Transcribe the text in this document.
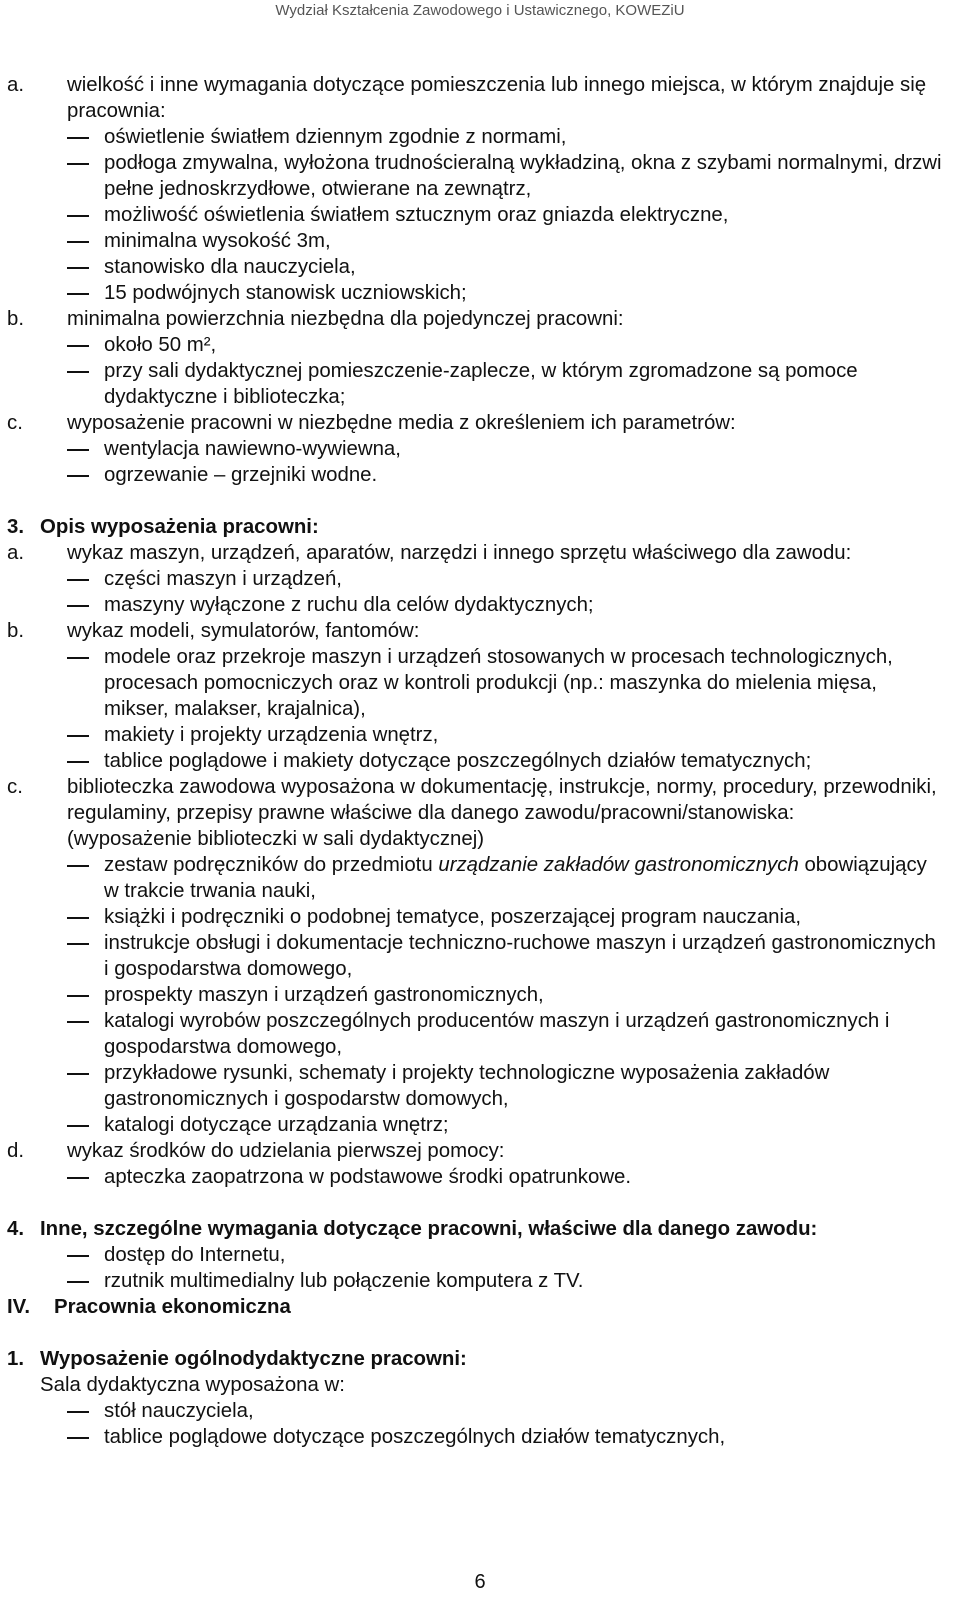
Wydział Kształcenia Zawodowego i Ustawicznego, KOWEZiU
a. wielkość i inne wymagania dotyczące pomieszczenia lub innego miejsca, w którym znajduje się pracownia:
oświetlenie światłem dziennym zgodnie z normami,
podłoga zmywalna, wyłożona trudnościeralną wykładziną, okna z szybami normalnymi, drzwi pełne jednoskrzydłowe, otwierane na zewnątrz,
możliwość oświetlenia światłem sztucznym oraz gniazda elektryczne,
minimalna wysokość 3m,
stanowisko dla nauczyciela,
15 podwójnych stanowisk uczniowskich;
b. minimalna powierzchnia niezbędna dla pojedynczej pracowni:
około 50 m²,
przy sali dydaktycznej pomieszczenie-zaplecze, w którym zgromadzone są pomoce dydaktyczne i biblioteczka;
c. wyposażenie pracowni w niezbędne media z określeniem ich parametrów:
wentylacja nawiewno-wywiewna,
ogrzewanie – grzejniki wodne.
3. Opis wyposażenia pracowni:
a. wykaz maszyn, urządzeń, aparatów, narzędzi i innego sprzętu właściwego dla zawodu:
części maszyn i urządzeń,
maszyny wyłączone z ruchu dla celów dydaktycznych;
b. wykaz modeli, symulatorów, fantomów:
modele oraz przekroje maszyn i urządzeń stosowanych w procesach technologicznych, procesach pomocniczych oraz w kontroli produkcji (np.: maszynka do mielenia mięsa, mikser, malakser, krajalnica),
makiety i projekty urządzenia wnętrz,
tablice poglądowe i makiety dotyczące poszczególnych działów tematycznych;
c. biblioteczka zawodowa wyposażona w dokumentację, instrukcje, normy, procedury, przewodniki, regulaminy, przepisy prawne właściwe dla danego zawodu/pracowni/stanowiska:
(wyposażenie biblioteczki w sali dydaktycznej)
zestaw podręczników do przedmiotu urządzanie zakładów gastronomicznych obowiązujący w trakcie trwania nauki,
książki i podręczniki o podobnej tematyce, poszerzającej program nauczania,
instrukcje obsługi i dokumentacje techniczno-ruchowe maszyn i urządzeń gastronomicznych i gospodarstwa domowego,
prospekty maszyn i urządzeń gastronomicznych,
katalogi wyrobów poszczególnych producentów maszyn i urządzeń gastronomicznych i gospodarstwa domowego,
przykładowe rysunki, schematy i projekty technologiczne wyposażenia zakładów gastronomicznych i gospodarstw domowych,
katalogi dotyczące urządzania wnętrz;
d. wykaz środków do udzielania pierwszej pomocy:
apteczka zaopatrzona w podstawowe środki opatrunkowe.
4. Inne, szczególne wymagania dotyczące pracowni, właściwe dla danego zawodu:
dostęp do Internetu,
rzutnik multimedialny lub połączenie komputera z TV.
IV. Pracownia ekonomiczna
1. Wyposażenie ogólnodydaktyczne pracowni:
Sala dydaktyczna wyposażona w:
stół nauczyciela,
tablice poglądowe dotyczące poszczególnych działów tematycznych,
6
